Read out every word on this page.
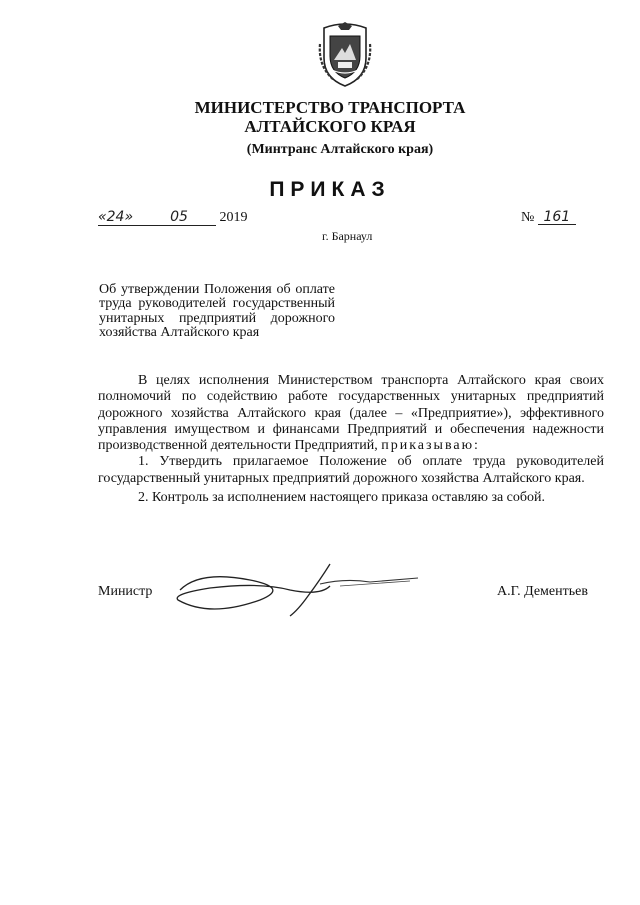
МИНИСТЕРСТВО ТРАНСПОРТА
АЛТАЙСКОГО КРАЯ
(Минтранс Алтайского края)
ПРИКАЗ
«24»	05 2019	№ 161
г. Барнаул
Об утверждении Положения об оплате труда руководителей государственный унитарных предприятий дорожного хозяйства Алтайского края

В целях исполнения Министерством транспорта Алтайского края своих полномочий по содействию работе государственных унитарных предприятий дорожного хозяйства Алтайского края (далее – «Предприятие»), эффективного управления имуществом и финансами Предприятий и обеспечения надежности производственной деятельности Предприятий, приказываю:

1. Утвердить прилагаемое Положение об оплате труда руководителей государственный унитарных предприятий дорожного хозяйства Алтайского края.

2. Контроль за исполнением настоящего приказа оставляю за собой.

Министр	А.Г. Дементьев
